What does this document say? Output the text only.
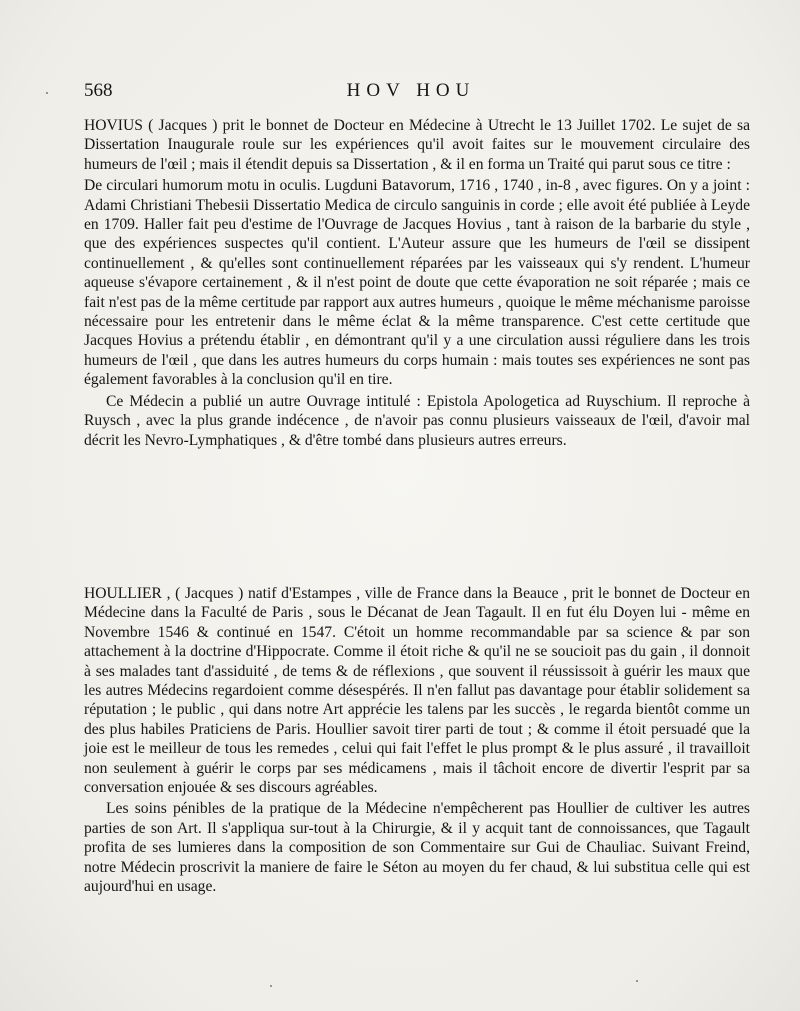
568	HOV HOU

HOVIUS ( Jacques ) prit le bonnet de Docteur en Médecine à Utrecht le 13 Juillet 1702. Le sujet de sa Dissertation Inaugurale roule sur les expériences qu'il avoit faites sur le mouvement circulaire des humeurs de l'œil ; mais il étendit depuis sa Dissertation , & il en forma un Traité qui parut sous ce titre :

De circulari humorum motu in oculis. Lugduni Batavorum, 1716 , 1740 , in-8 , avec figures. On y a joint : Adami Christiani Thebesii Dissertatio Medica de circulo sanguinis in corde ; elle avoit été publiée à Leyde en 1709. Haller fait peu d'estime de l'Ouvrage de Jacques Hovius , tant à raison de la barbarie du style , que des expériences suspectes qu'il contient. L'Auteur assure que les humeurs de l'œil se dissipent continuellement , & qu'elles sont continuellement réparées par les vaisseaux qui s'y rendent. L'humeur aqueuse s'évapore certainement , & il n'est point de doute que cette évaporation ne soit réparée ; mais ce fait n'est pas de la même certitude par rapport aux autres humeurs , quoique le même méchanisme paroisse nécessaire pour les entretenir dans le même éclat & la même transparence. C'est cette certitude que Jacques Hovius a prétendu établir , en démontrant qu'il y a une circulation aussi réguliere dans les trois humeurs de l'œil , que dans les autres humeurs du corps humain : mais toutes ses expériences ne sont pas également favorables à la conclusion qu'il en tire.

Ce Médecin a publié un autre Ouvrage intitulé : Epistola Apologetica ad Ruyschium. Il reproche à Ruysch , avec la plus grande indécence , de n'avoir pas connu plusieurs vaisseaux de l'œil, d'avoir mal décrit les Nevro-Lymphatiques , & d'être tombé dans plusieurs autres erreurs.

HOULLIER , ( Jacques ) natif d'Estampes , ville de France dans la Beauce , prit le bonnet de Docteur en Médecine dans la Faculté de Paris , sous le Décanat de Jean Tagault. Il en fut élu Doyen lui - même en Novembre 1546 & continué en 1547. C'étoit un homme recommandable par sa science & par son attachement à la doctrine d'Hippocrate. Comme il étoit riche & qu'il ne se soucioit pas du gain , il donnoit à ses malades tant d'assiduité , de tems & de réflexions , que souvent il réussissoit à guérir les maux que les autres Médecins regardoient comme désespérés. Il n'en fallut pas davantage pour établir solidement sa réputation ; le public , qui dans notre Art apprécie les talens par les succès , le regarda bientôt comme un des plus habiles Praticiens de Paris. Houllier savoit tirer parti de tout ; & comme il étoit persuadé que la joie est le meilleur de tous les remedes , celui qui fait l'effet le plus prompt & le plus assuré , il travailloit non seulement à guérir le corps par ses médicamens , mais il tâchoit encore de divertir l'esprit par sa conversation enjouée & ses discours agréables.

Les soins pénibles de la pratique de la Médecine n'empêcherent pas Houllier de cultiver les autres parties de son Art. Il s'appliqua sur-tout à la Chirurgie, & il y acquit tant de connoissances, que Tagault profita de ses lumieres dans la composition de son Commentaire sur Gui de Chauliac. Suivant Freind, notre Médecin proscrivit la maniere de faire le Séton au moyen du fer chaud, & lui substitua celle qui est aujourd'hui en usage.
